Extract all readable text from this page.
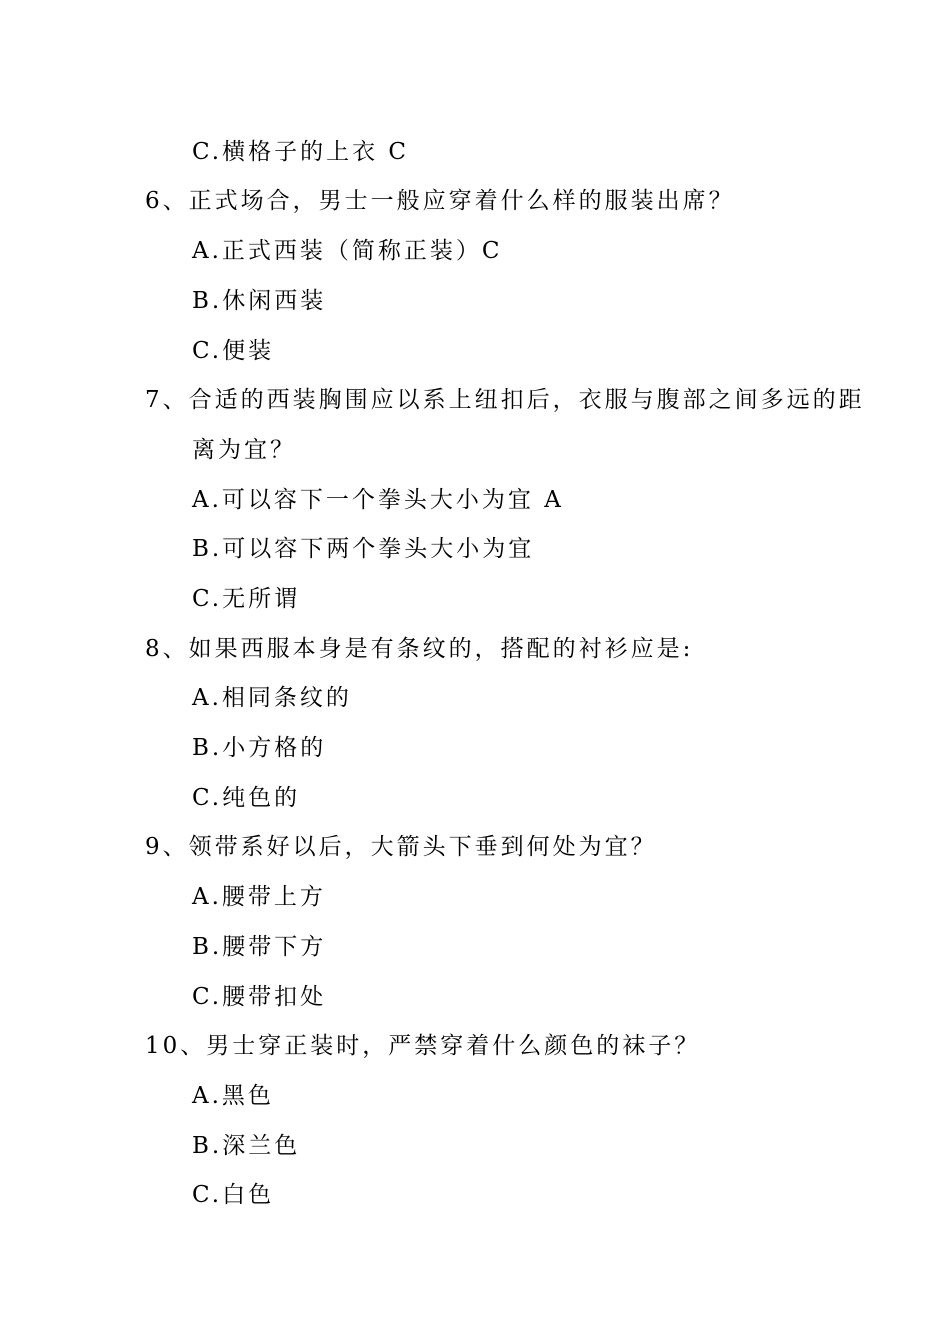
C.横格子的上衣 C
6、正式场合，男士一般应穿着什么样的服装出席？
A.正式西装（简称正装）C
B.休闲西装
C.便装
7、合适的西装胸围应以系上纽扣后，衣服与腹部之间多远的距
离为宜？
A.可以容下一个拳头大小为宜 A
B.可以容下两个拳头大小为宜
C.无所谓
8、如果西服本身是有条纹的，搭配的衬衫应是:
A.相同条纹的
B.小方格的
C.纯色的
9、领带系好以后，大箭头下垂到何处为宜？
A.腰带上方
B.腰带下方
C.腰带扣处
10、男士穿正装时，严禁穿着什么颜色的袜子？
A.黑色
B.深兰色
C.白色
